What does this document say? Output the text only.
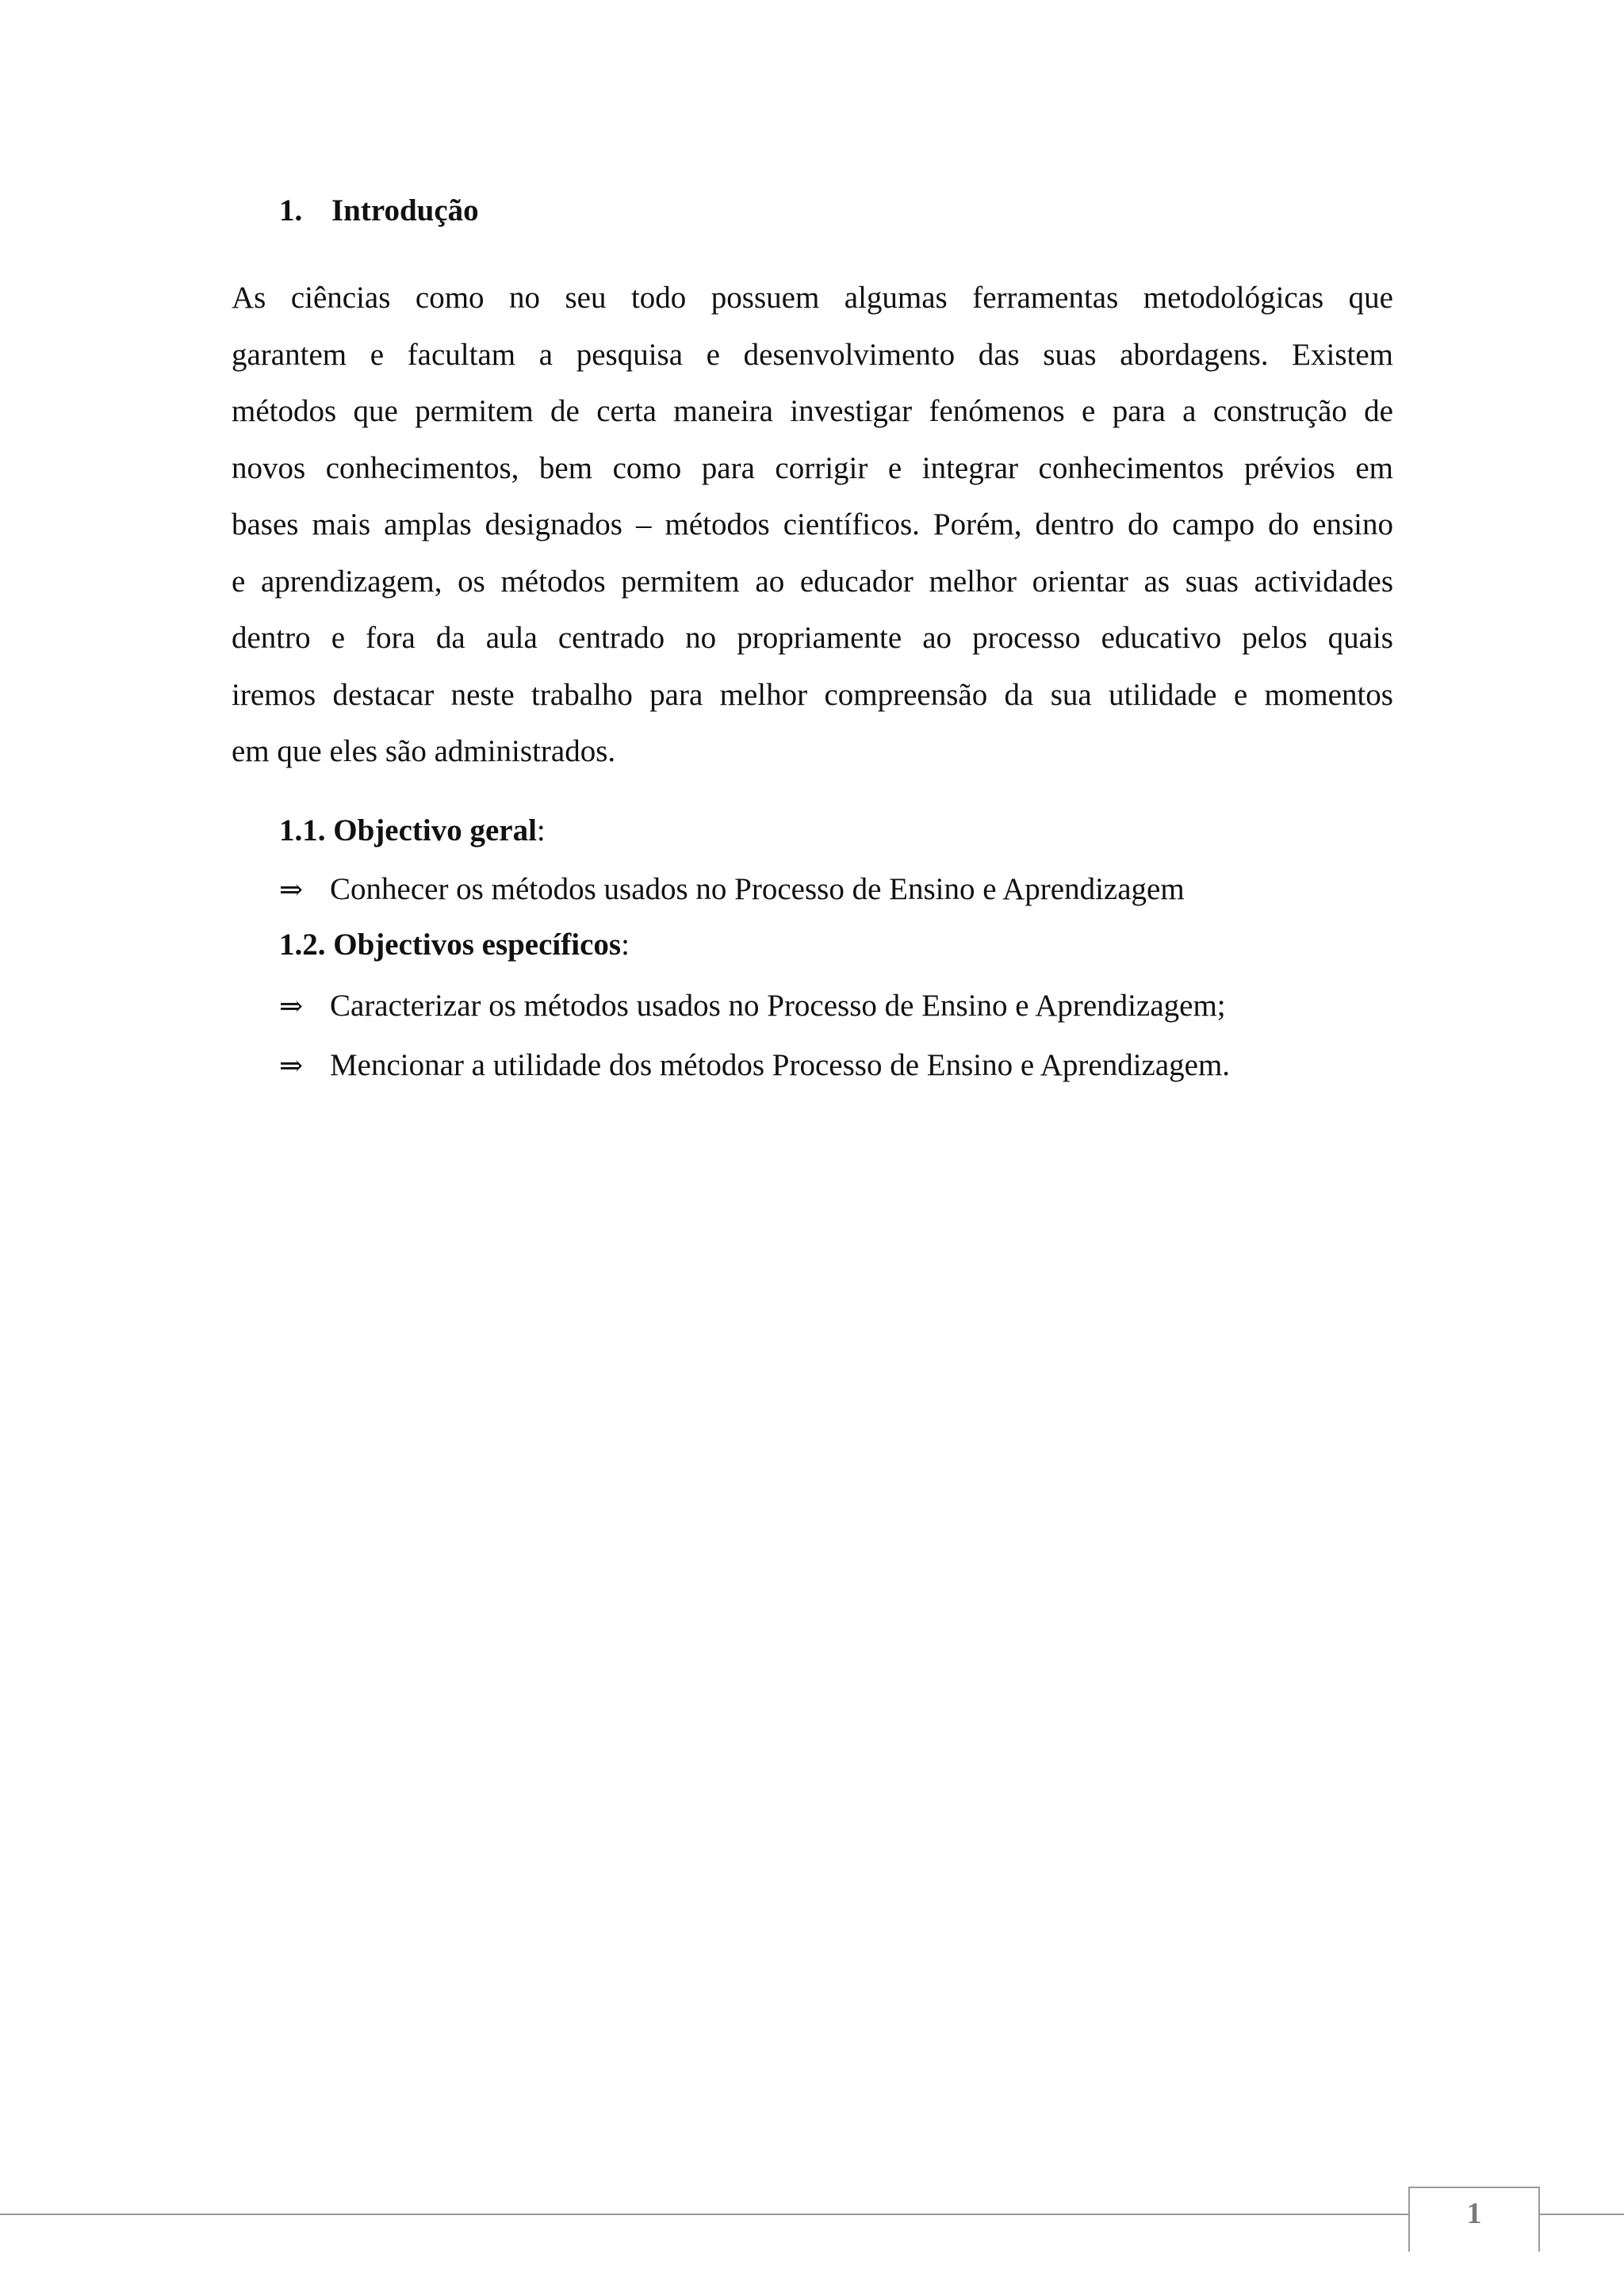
1. Introdução
As ciências como no seu todo possuem algumas ferramentas metodológicas que
garantem e facultam a pesquisa e desenvolvimento das suas abordagens. Existem
métodos que permitem de certa maneira investigar fenómenos e para a construção de
novos conhecimentos, bem como para corrigir e integrar conhecimentos prévios em
bases mais amplas designados – métodos científicos. Porém, dentro do campo do ensino
e aprendizagem, os métodos permitem ao educador melhor orientar as suas actividades
dentro e fora da aula centrado no propriamente ao processo educativo pelos quais
iremos destacar neste trabalho para melhor compreensão da sua utilidade e momentos
em que eles são administrados.
1.1. Objectivo geral:
⇒ Conhecer os métodos usados no Processo de Ensino e Aprendizagem
1.2. Objectivos específicos:
⇒ Caracterizar os métodos usados no Processo de Ensino e Aprendizagem;
⇒ Mencionar a utilidade dos métodos Processo de Ensino e Aprendizagem.
1
